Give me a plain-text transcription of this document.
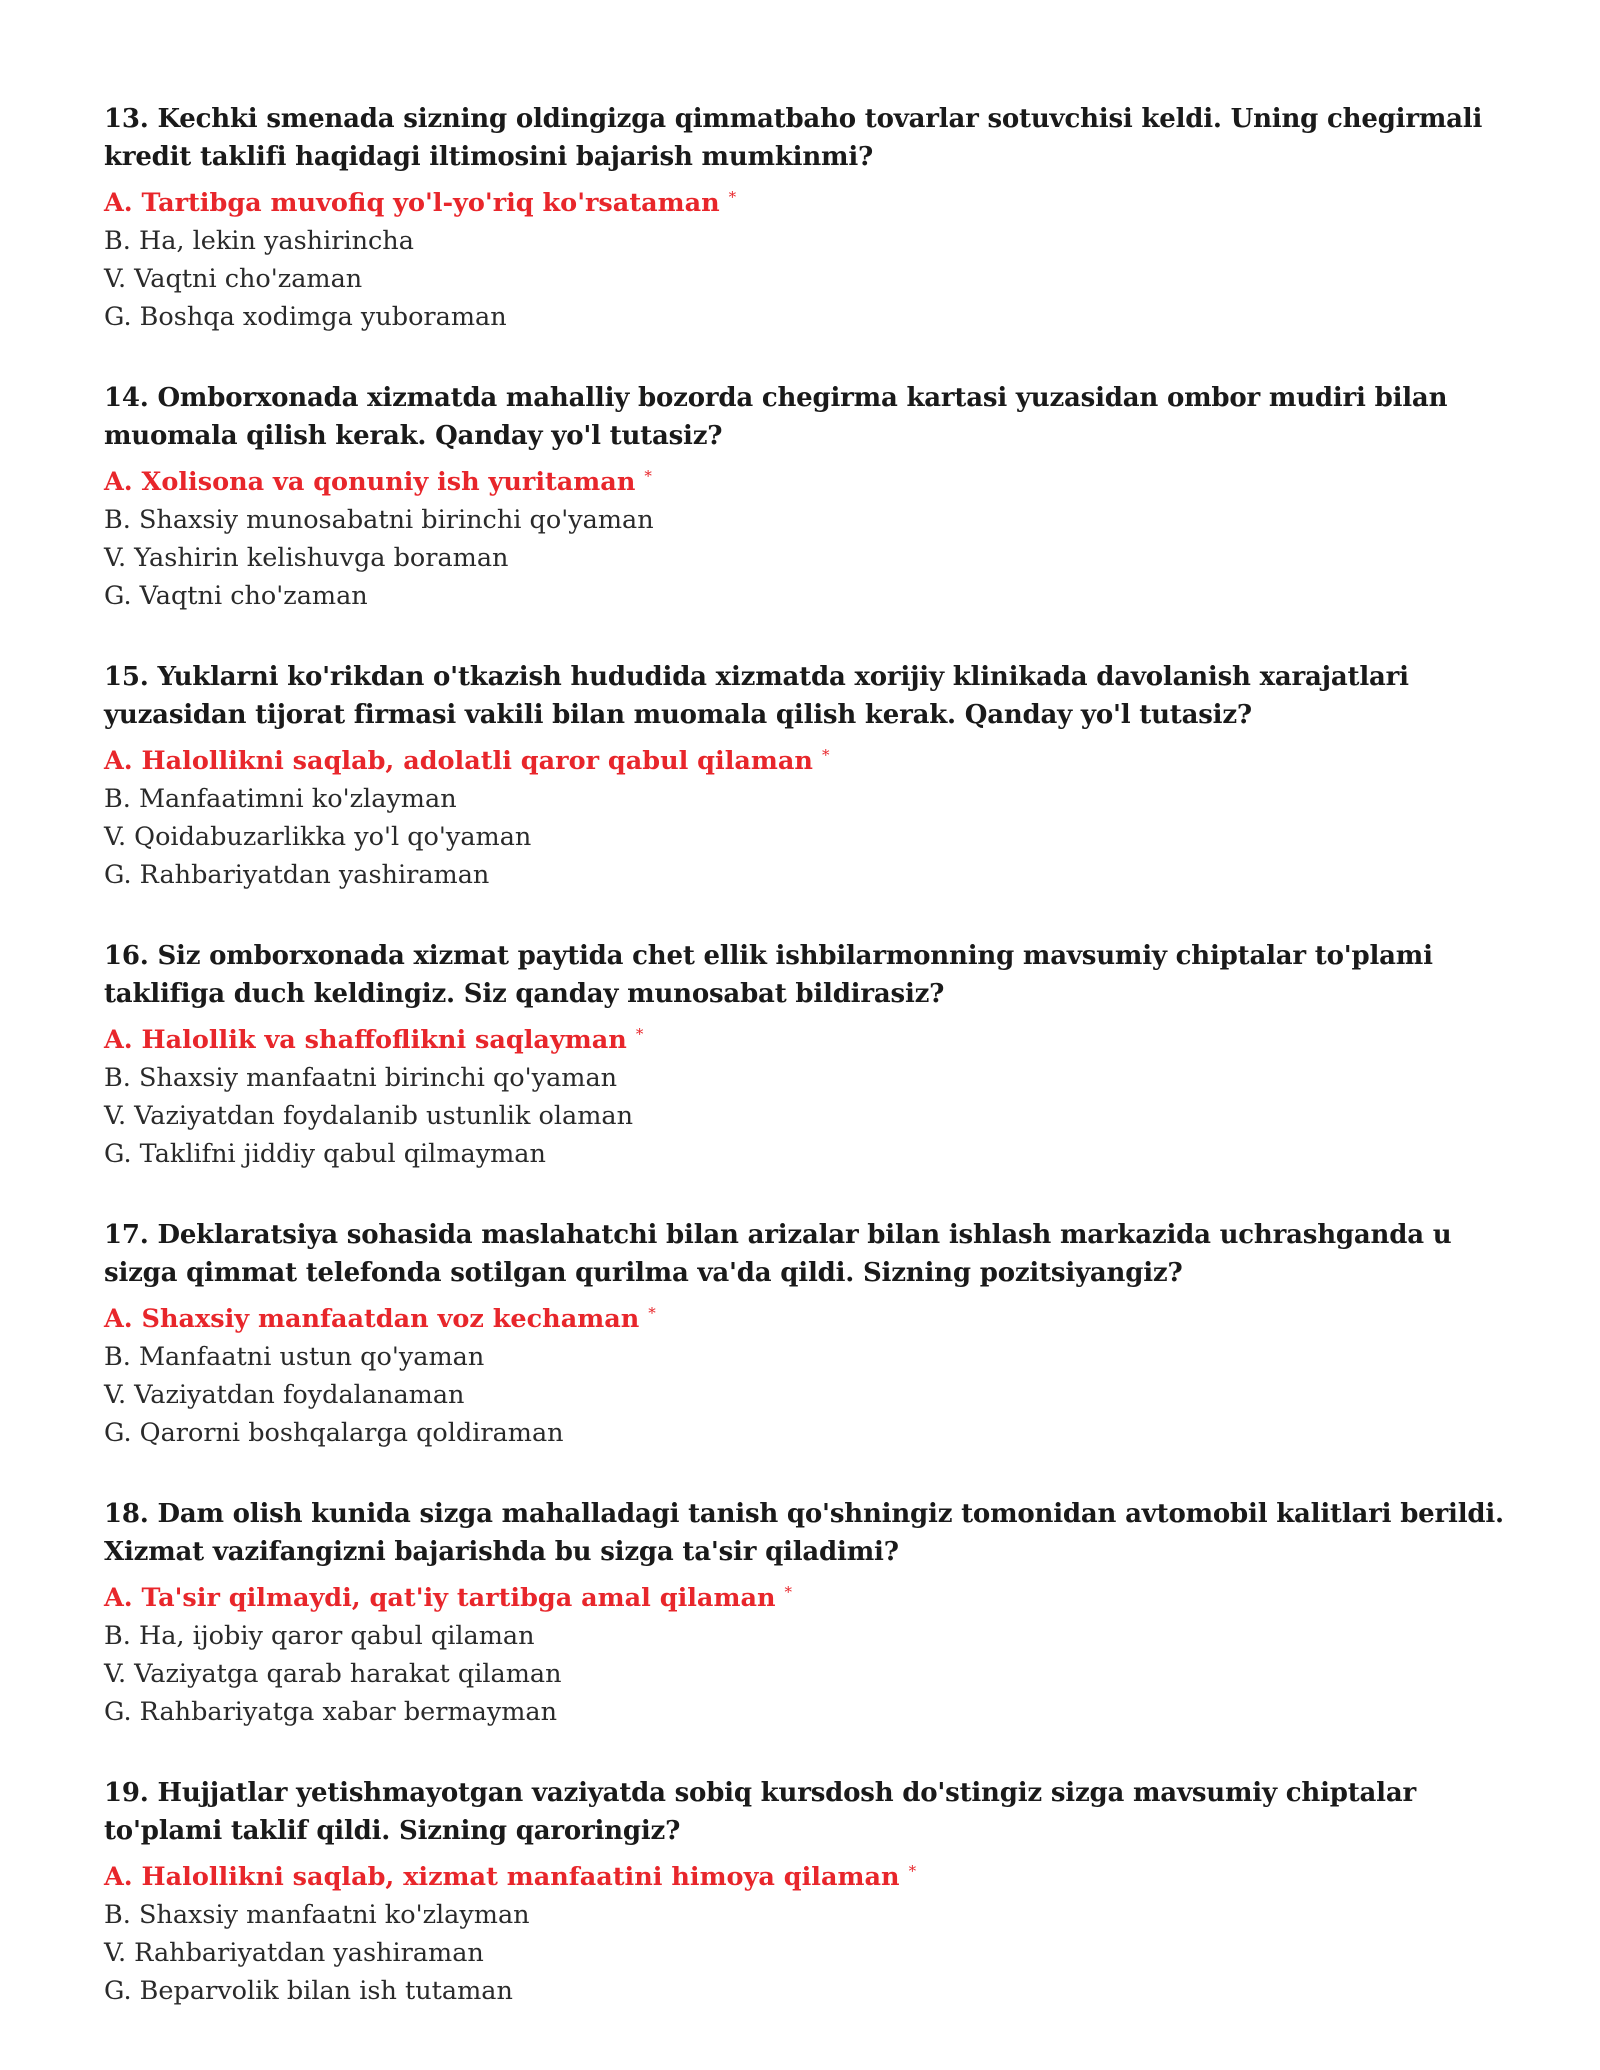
13. Kechki smenada sizning oldingizga qimmatbaho tovarlar sotuvchisi keldi. Uning chegirmali kredit taklifi haqidagi iltimosini bajarish mumkinmi?
A. Tartibga muvofiq yo'l-yo'riq ko'rsataman *
B. Ha, lekin yashirincha
V. Vaqtni cho'zaman
G. Boshqa xodimga yuboraman
14. Omborxonada xizmatda mahalliy bozorda chegirma kartasi yuzasidan ombor mudiri bilan muomala qilish kerak. Qanday yo'l tutasiz?
A. Xolisona va qonuniy ish yuritaman *
B. Shaxsiy munosabatni birinchi qo'yaman
V. Yashirin kelishuvga boraman
G. Vaqtni cho'zaman
15. Yuklarni ko'rikdan o'tkazish hududida xizmatda xorijiy klinikada davolanish xarajatlari yuzasidan tijorat firmasi vakili bilan muomala qilish kerak. Qanday yo'l tutasiz?
A. Halollikni saqlab, adolatli qaror qabul qilaman *
B. Manfaatimni ko'zlayman
V. Qoidabuzarlikka yo'l qo'yaman
G. Rahbariyatdan yashiraman
16. Siz omborxonada xizmat paytida chet ellik ishbilarmonning mavsumiy chiptalar to'plami taklifiga duch keldingiz. Siz qanday munosabat bildirasiz?
A. Halollik va shaffoflikni saqlayman *
B. Shaxsiy manfaatni birinchi qo'yaman
V. Vaziyatdan foydalanib ustunlik olaman
G. Taklifni jiddiy qabul qilmayman
17. Deklaratsiya sohasida maslahatchi bilan arizalar bilan ishlash markazida uchrashganda u sizga qimmat telefonda sotilgan qurilma va'da qildi. Sizning pozitsiyangiz?
A. Shaxsiy manfaatdan voz kechaman *
B. Manfaatni ustun qo'yaman
V. Vaziyatdan foydalanaman
G. Qarorni boshqalarga qoldiraman
18. Dam olish kunida sizga mahalladagi tanish qo'shningiz tomonidan avtomobil kalitlari berildi. Xizmat vazifangizni bajarishda bu sizga ta'sir qiladimi?
A. Ta'sir qilmaydi, qat'iy tartibga amal qilaman *
B. Ha, ijobiy qaror qabul qilaman
V. Vaziyatga qarab harakat qilaman
G. Rahbariyatga xabar bermayman
19. Hujjatlar yetishmayotgan vaziyatda sobiq kursdosh do'stingiz sizga mavsumiy chiptalar to'plami taklif qildi. Sizning qaroringiz?
A. Halollikni saqlab, xizmat manfaatini himoya qilaman *
B. Shaxsiy manfaatni ko'zlayman
V. Rahbariyatdan yashiraman
G. Beparvolik bilan ish tutaman
